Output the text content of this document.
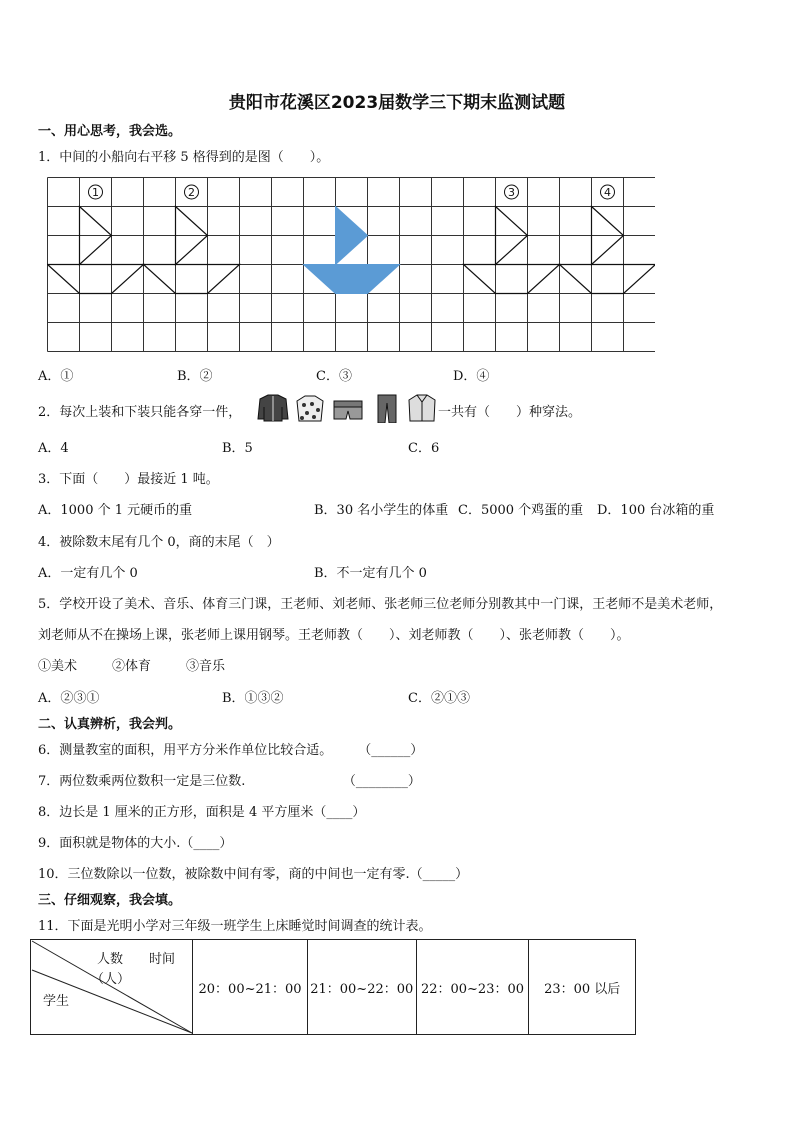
贵阳市花溪区2023届数学三下期末监测试题
一、用心思考，我会选。
1．中间的小船向右平移 5 格得到的是图（　　）。
1	2	3	4
A．①	B．②	C．③	D．④
2．每次上装和下装只能各穿一件，	一共有（　　）种穿法。
A．4	B．5	C．6
3．下面（　　）最接近 1 吨。
A．1000 个 1 元硬币的重	B．30 名小学生的体重 C．5000 个鸡蛋的重 D．100 台冰箱的重
4．被除数末尾有几个 0，商的末尾（　）
A．一定有几个 0	B．不一定有几个 0
5．学校开设了美术、音乐、体育三门课，王老师、刘老师、张老师三位老师分别教其中一门课，王老师不是美术老师，
刘老师从不在操场上课，张老师上课用钢琴。王老师教（　　）、刘老师教（　　）、张老师教（　　）。
①美术	②体育	③音乐
A．②③①	B．①③②	C．②①③
二、认真辨析，我会判。
6．测量教室的面积，用平方分米作单位比较合适。　　　（______）
7．两位数乘两位数积一定是三位数.　　　　　　　　（________）
8．边长是 1 厘米的正方形，面积是 4 平方厘米（____）
9．面积就是物体的大小.（____）
10．三位数除以一位数，被除数中间有零，商的中间也一定有零.（_____）
三、仔细观察，我会填。
11．下面是光明小学对三年级一班学生上床睡觉时间调查的统计表。
时间
人数
（人）
学生
	20：00~21：00	21：00~22：00	22：00~23：00	23：00 以后
